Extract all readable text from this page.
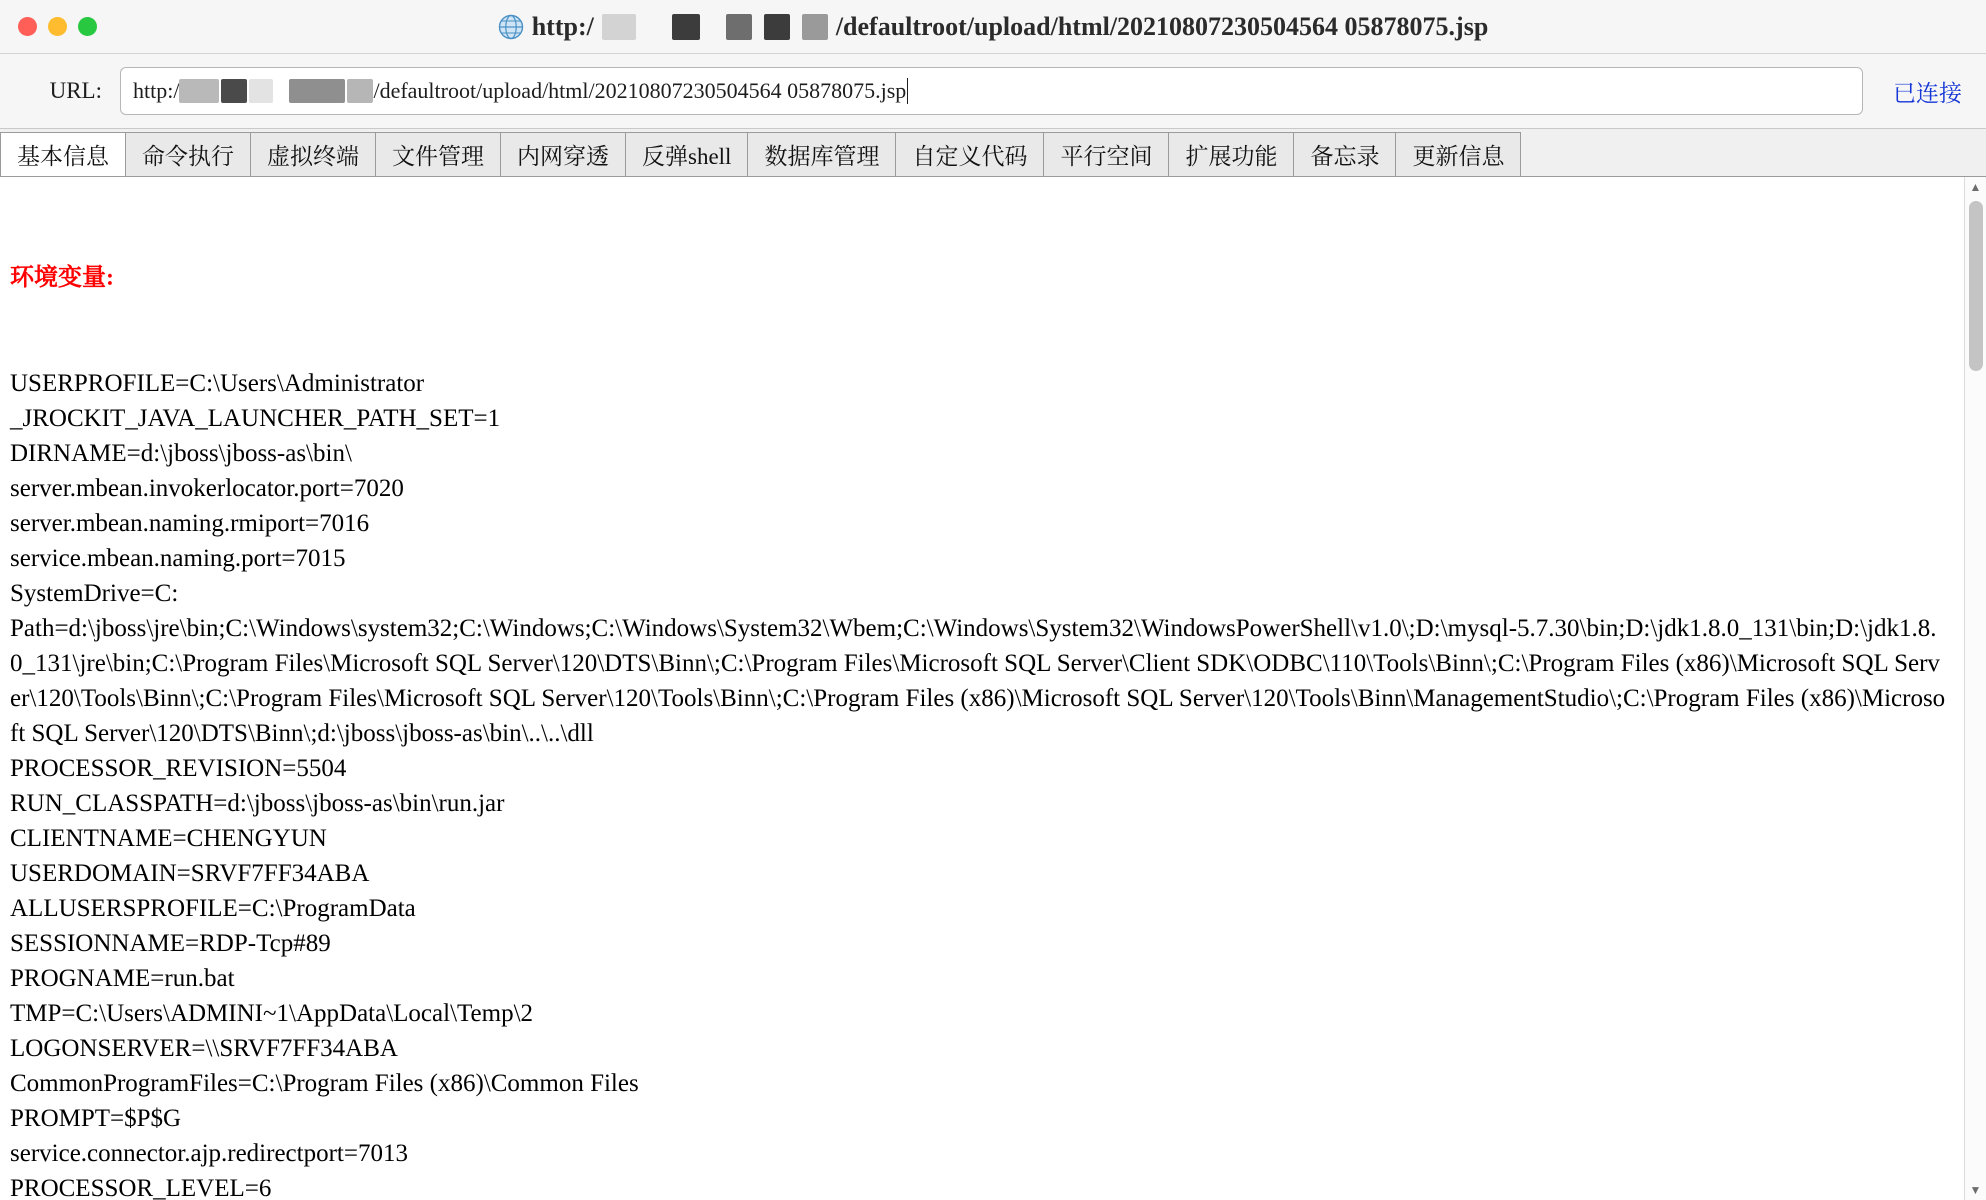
http:/	/defaultroot/upload/html/20210807230504564 05878075.jsp
URL:	http:/	/defaultroot/upload/html/20210807230504564 05878075.jsp	已连接
基本信息	命令执行	虚拟终端	文件管理	内网穿透	反弹shell	数据库管理	自定义代码	平行空间	扩展功能	备忘录	更新信息

环境变量:

USERPROFILE=C:\Users\Administrator
_JROCKIT_JAVA_LAUNCHER_PATH_SET=1
DIRNAME=d:\jboss\jboss-as\bin\
server.mbean.invokerlocator.port=7020
server.mbean.naming.rmiport=7016
service.mbean.naming.port=7015
SystemDrive=C:
Path=d:\jboss\jre\bin;C:\Windows\system32;C:\Windows;C:\Windows\System32\Wbem;C:\Windows\System32\WindowsPowerShell\v1.0\;D:\mysql-5.7.30\bin;D:\jdk1.8.0_131\bin;D:\jdk1.8.0_131\jre\bin;C:\Program Files\Microsoft SQL Server\120\DTS\Binn\;C:\Program Files\Microsoft SQL Server\Client SDK\ODBC\110\Tools\Binn\;C:\Program Files (x86)\Microsoft SQL Server\120\Tools\Binn\;C:\Program Files\Microsoft SQL Server\120\Tools\Binn\;C:\Program Files (x86)\Microsoft SQL Server\120\Tools\Binn\ManagementStudio\;C:\Program Files (x86)\Microsoft SQL Server\120\DTS\Binn\;d:\jboss\jboss-as\bin\..\..\dll
PROCESSOR_REVISION=5504
RUN_CLASSPATH=d:\jboss\jboss-as\bin\run.jar
CLIENTNAME=CHENGYUN
USERDOMAIN=SRVF7FF34ABA
ALLUSERSPROFILE=C:\ProgramData
SESSIONNAME=RDP-Tcp#89
PROGNAME=run.bat
TMP=C:\Users\ADMINI~1\AppData\Local\Temp\2
LOGONSERVER=\\SRVF7FF34ABA
CommonProgramFiles=C:\Program Files (x86)\Common Files
PROMPT=$P$G
service.connector.ajp.redirectport=7013
PROCESSOR_LEVEL=6

▲
▼
